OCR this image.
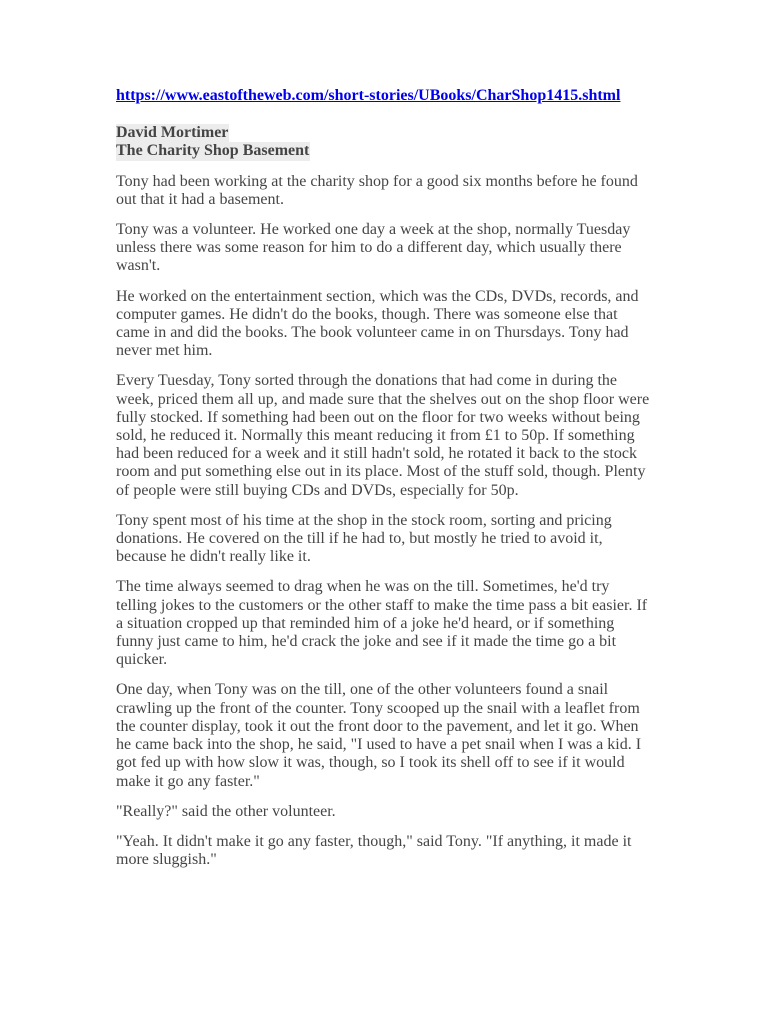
https://www.eastoftheweb.com/short-stories/UBooks/CharShop1415.shtml
David Mortimer
The Charity Shop Basement

Tony had been working at the charity shop for a good six months before he found out that it had a basement.

Tony was a volunteer. He worked one day a week at the shop, normally Tuesday unless there was some reason for him to do a different day, which usually there wasn't.

He worked on the entertainment section, which was the CDs, DVDs, records, and computer games. He didn't do the books, though. There was someone else that came in and did the books. The book volunteer came in on Thursdays. Tony had never met him.

Every Tuesday, Tony sorted through the donations that had come in during the week, priced them all up, and made sure that the shelves out on the shop floor were fully stocked. If something had been out on the floor for two weeks without being sold, he reduced it. Normally this meant reducing it from £1 to 50p. If something had been reduced for a week and it still hadn't sold, he rotated it back to the stock room and put something else out in its place. Most of the stuff sold, though. Plenty of people were still buying CDs and DVDs, especially for 50p.

Tony spent most of his time at the shop in the stock room, sorting and pricing donations. He covered on the till if he had to, but mostly he tried to avoid it, because he didn't really like it.

The time always seemed to drag when he was on the till. Sometimes, he'd try telling jokes to the customers or the other staff to make the time pass a bit easier. If a situation cropped up that reminded him of a joke he'd heard, or if something funny just came to him, he'd crack the joke and see if it made the time go a bit quicker.

One day, when Tony was on the till, one of the other volunteers found a snail crawling up the front of the counter. Tony scooped up the snail with a leaflet from the counter display, took it out the front door to the pavement, and let it go. When he came back into the shop, he said, "I used to have a pet snail when I was a kid. I got fed up with how slow it was, though, so I took its shell off to see if it would make it go any faster."

"Really?" said the other volunteer.

"Yeah. It didn't make it go any faster, though," said Tony. "If anything, it made it more sluggish."
